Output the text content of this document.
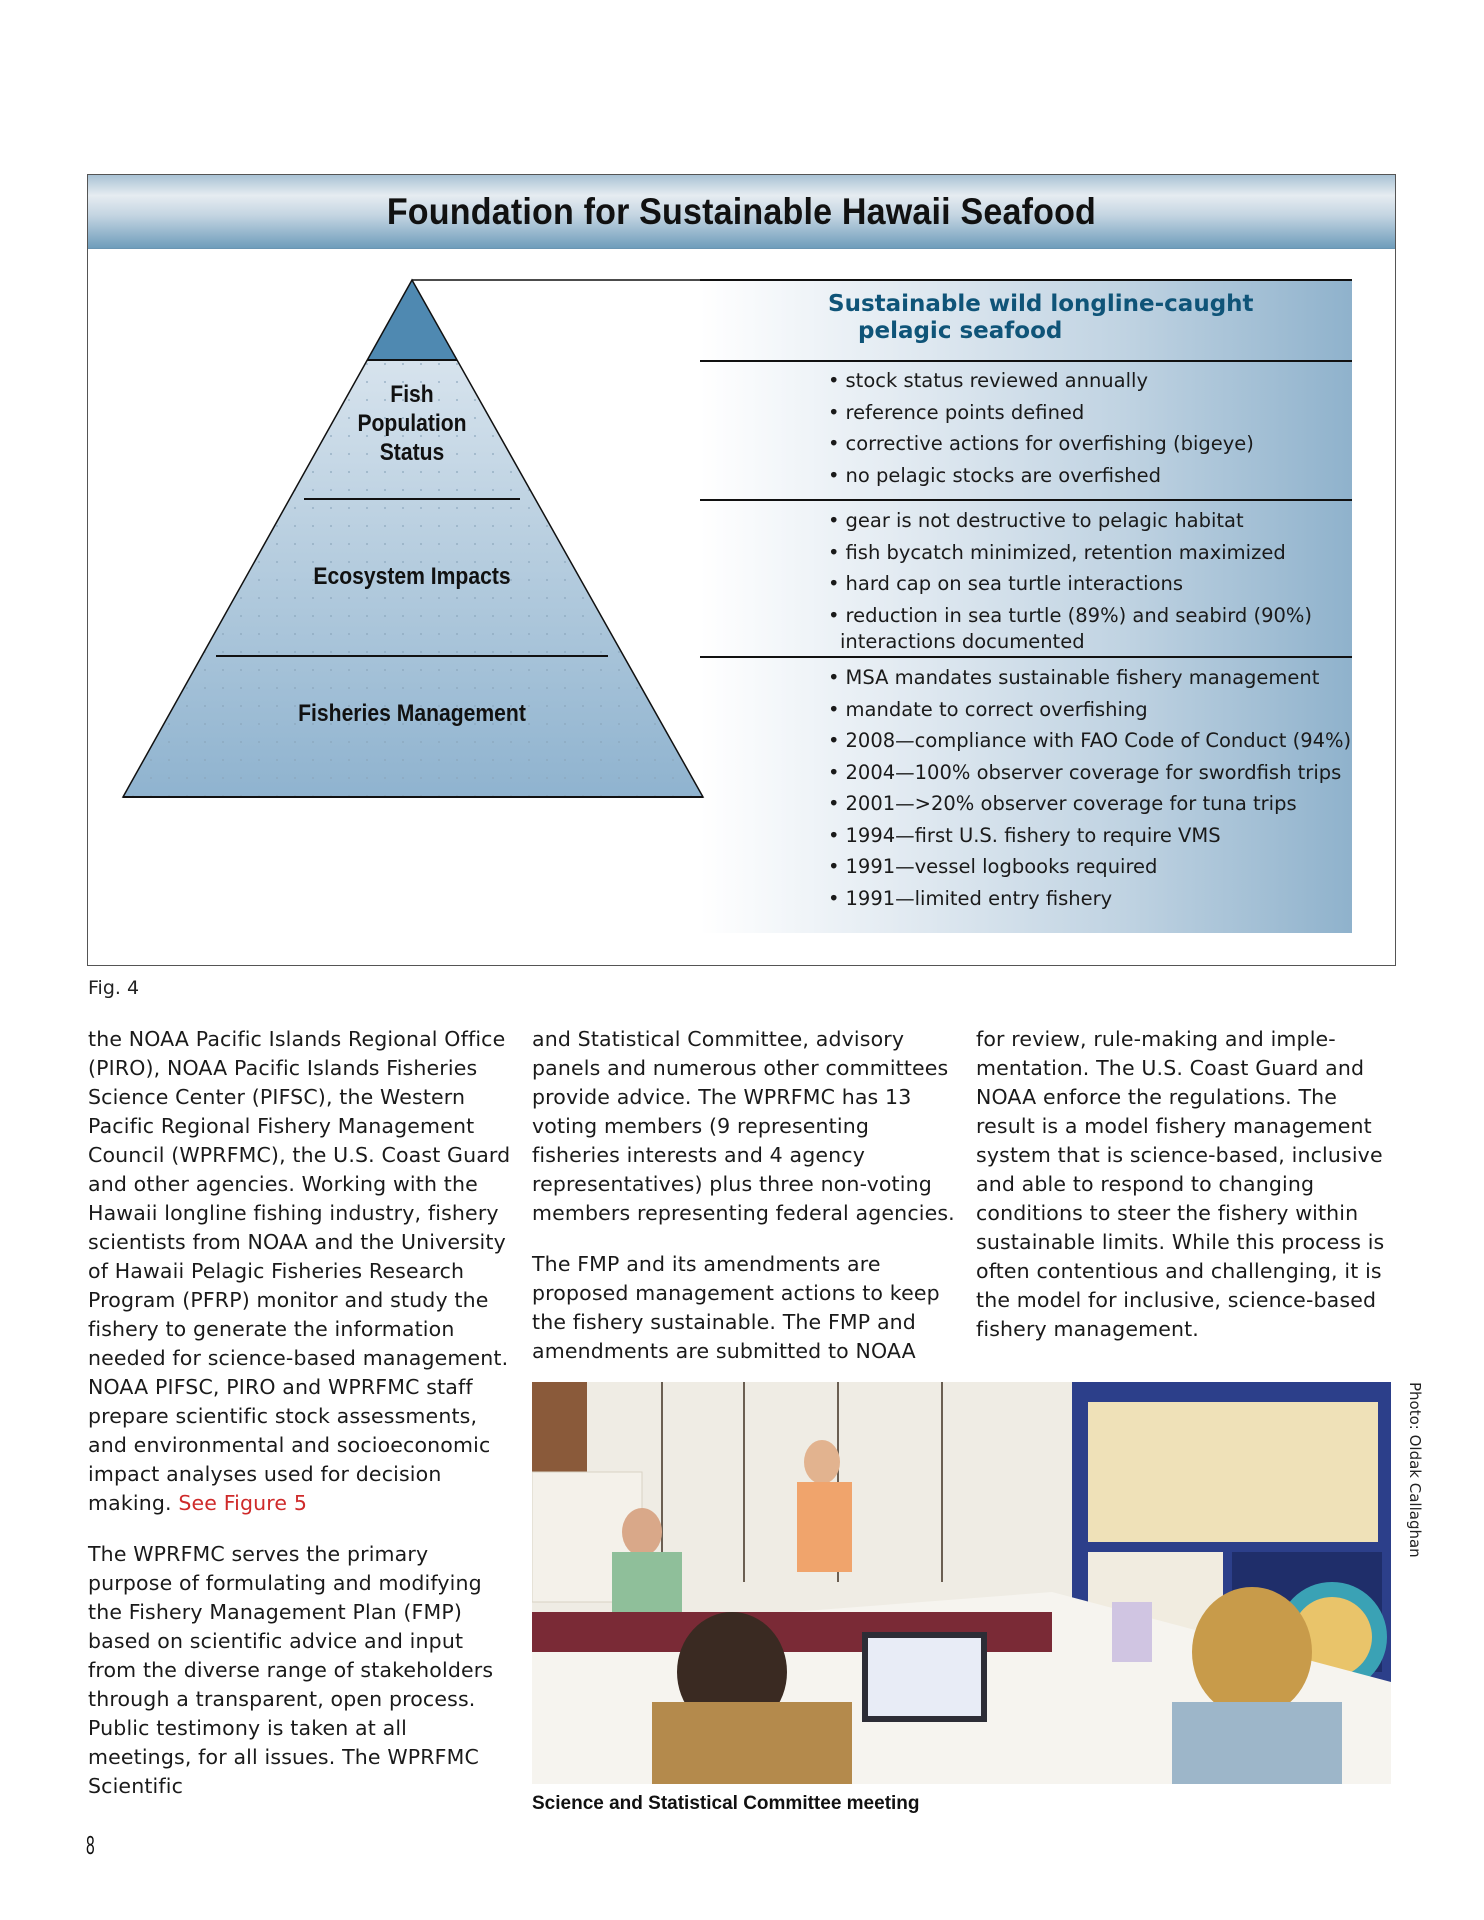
Foundation for Sustainable Hawaii Seafood
Sustainable wild longline-caught
pelagic seafood
• stock status reviewed annually
• reference points defined
• corrective actions for overfishing (bigeye)
• no pelagic stocks are overfished
• gear is not destructive to pelagic habitat
• fish bycatch minimized, retention maximized
• hard cap on sea turtle interactions
• reduction in sea turtle (89%) and seabird (90%)
interactions documented
• MSA mandates sustainable fishery management
• mandate to correct overfishing
• 2008—compliance with FAO Code of Conduct (94%)
• 2004—100% observer coverage for swordfish trips
• 2001—>20% observer coverage for tuna trips
• 1994—first U.S. fishery to require VMS
• 1991—vessel logbooks required
• 1991—limited entry fishery
Fish
Population
Status
Ecosystem Impacts
Fisheries Management
Fig. 4

the NOAA Pacific Islands Regional Office (PIRO), NOAA Pacific Islands Fisheries Science Center (PIFSC), the Western Pacific Regional Fishery Management Council (WPRFMC), the U.S. Coast Guard and other agencies. Working with the Hawaii longline fishing industry, fishery scientists from NOAA and the University of Hawaii Pelagic Fisheries Research Program (PFRP) monitor and study the fishery to generate the information needed for science-based management. NOAA PIFSC, PIRO and WPRFMC staff prepare scientific stock assessments, and environmental and socioeconomic impact analyses used for decision making. See Figure 5

The WPRFMC serves the primary purpose of formulating and modifying the Fishery Management Plan (FMP) based on scientific advice and input from the diverse range of stakeholders through a transparent, open process. Public testimony is taken at all meetings, for all issues. The WPRFMC Scientific

and Statistical Committee, advisory panels and numerous other committees provide advice. The WPRFMC has 13 voting members (9 representing fisheries interests and 4 agency representatives) plus three non-voting members representing federal agencies.

The FMP and its amendments are proposed management actions to keep the fishery sustainable. The FMP and amendments are submitted to NOAA

for review, rule-making and imple-mentation. The U.S. Coast Guard and NOAA enforce the regulations. The result is a model fishery management system that is science-based, inclusive and able to respond to changing conditions to steer the fishery within sustainable limits. While this process is often contentious and challenging, it is the model for inclusive, science-based fishery management.

Photo: Oldak Callaghan
Science and Statistical Committee meeting
8
